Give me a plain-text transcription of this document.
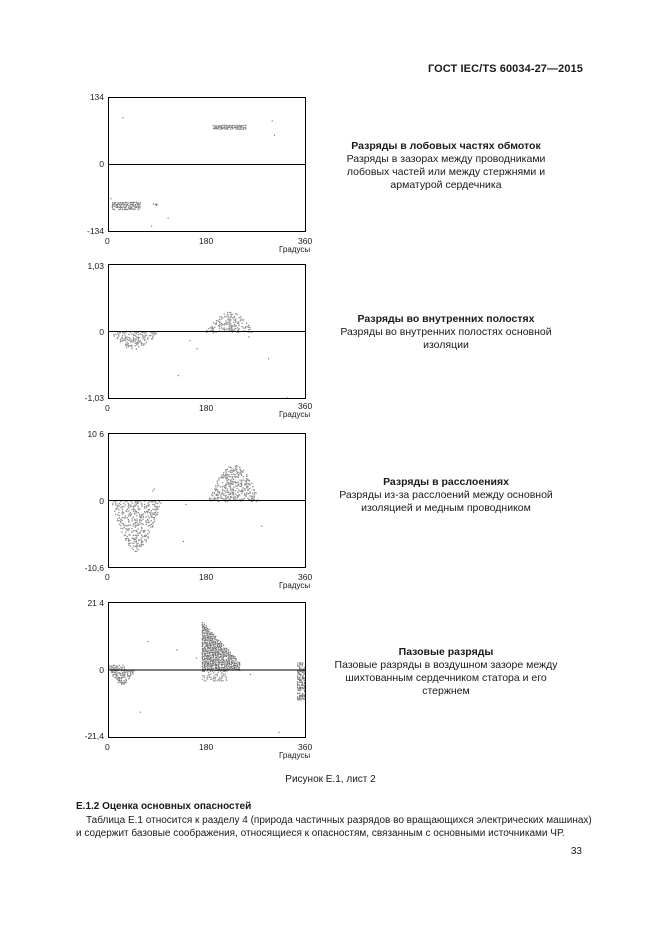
ГОСТ IEC/TS 60034-27—2015
134
0
-134
0	180	360
Градусы
Разряды в лобовых частях обмоток
Разряды в зазорах между проводниками лобовых частей или между стержнями и арматурой сердечника
1,03
0
-1,03
0	180	360
Градусы
Разряды во внутренних полостях
Разряды во внутренних полостях основной изоляции
10 6
0
-10,6
0	180	360
Градусы
Разряды в расслоениях
Разряды из-за расслоений между основной изоляцией и медным проводником
21 4
0
-21,4
0	180	360
Градусы
Пазовые разряды
Пазовые разряды в воздушном зазоре между шихтованным сердечником статора и его стержнем
Рисунок Е.1, лист 2
Е.1.2 Оценка основных опасностей
Таблица Е.1 относится к разделу 4 (природа частичных разрядов во вращающихся электрических машинах) и содержит базовые соображения, относящиеся к опасностям, связанным с основными источниками ЧР.
33
